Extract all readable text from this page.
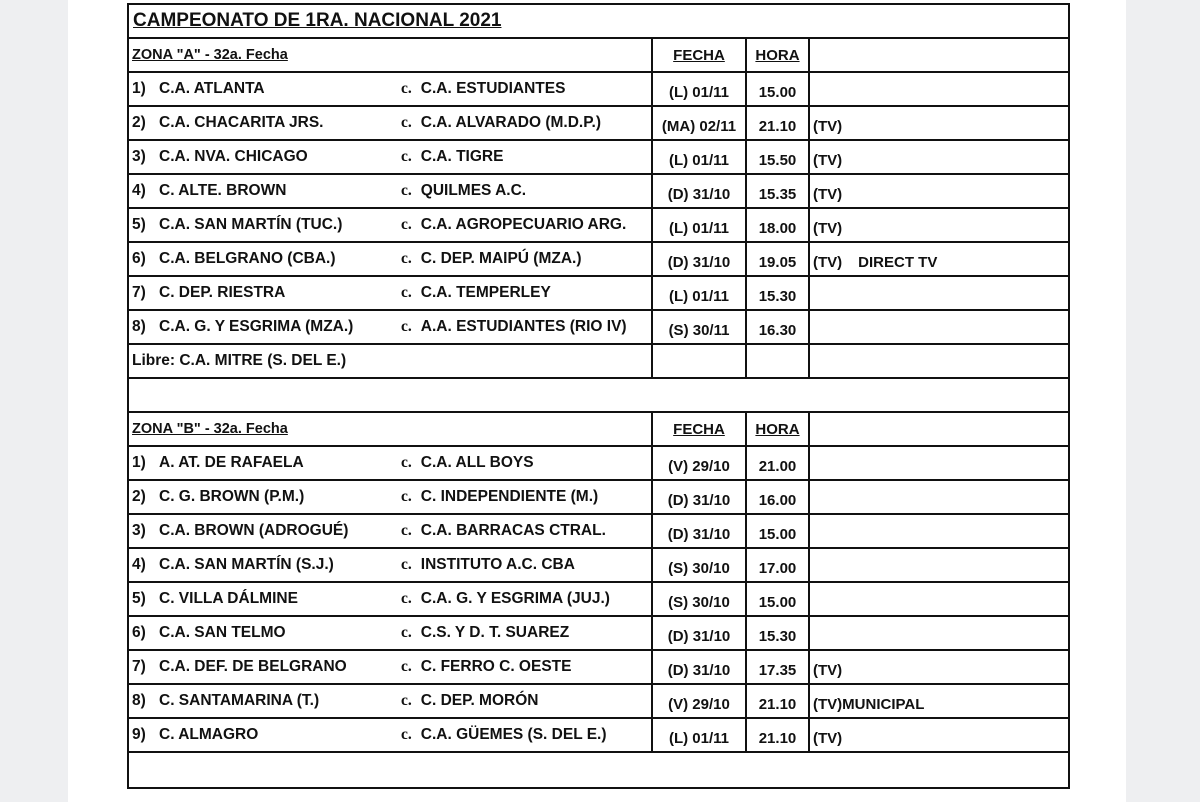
CAMPEONATO DE 1RA. NACIONAL 2021
ZONA "A" - 32a. Fecha	FECHA HORA
1) C.A. ATLANTA	c. C.A. ESTUDIANTES	(L) 01/11 15.00
2) C.A. CHACARITA JRS.	c. C.A. ALVARADO (M.D.P.)	(MA) 02/11 21.10 (TV)
3) C.A. NVA. CHICAGO	c. C.A. TIGRE	(L) 01/11 15.50 (TV)
4) C. ALTE. BROWN	c. QUILMES A.C.	(D) 31/10 15.35 (TV)
5) C.A. SAN MARTÍN (TUC.)	c. C.A. AGROPECUARIO ARG.	(L) 01/11 18.00 (TV)
6) C.A. BELGRANO (CBA.)	c. C. DEP. MAIPÚ (MZA.)	(D) 31/10 19.05 (TV) DIRECT TV
7) C. DEP. RIESTRA	c. C.A. TEMPERLEY	(L) 01/11 15.30
8) C.A. G. Y ESGRIMA (MZA.)	c. A.A. ESTUDIANTES (RIO IV)	(S) 30/11 16.30
Libre: C.A. MITRE (S. DEL E.)
ZONA "B" - 32a. Fecha	FECHA HORA
1) A. AT. DE RAFAELA	c. C.A. ALL BOYS	(V) 29/10 21.00
2) C. G. BROWN (P.M.)	c. C. INDEPENDIENTE (M.)	(D) 31/10 16.00
3) C.A. BROWN (ADROGUÉ)	c. C.A. BARRACAS CTRAL.	(D) 31/10 15.00
4) C.A. SAN MARTÍN (S.J.)	c. INSTITUTO A.C. CBA	(S) 30/10 17.00
5) C. VILLA DÁLMINE	c. C.A. G. Y ESGRIMA (JUJ.)	(S) 30/10 15.00
6) C.A. SAN TELMO	c. C.S. Y D. T. SUAREZ	(D) 31/10 15.30
7) C.A. DEF. DE BELGRANO	c. C. FERRO C. OESTE	(D) 31/10 17.35 (TV)
8) C. SANTAMARINA (T.)	c. C. DEP. MORÓN	(V) 29/10 21.10 (TV) MUNICIPAL
9) C. ALMAGRO	c. C.A. GÜEMES (S. DEL E.)	(L) 01/11 21.10 (TV)
